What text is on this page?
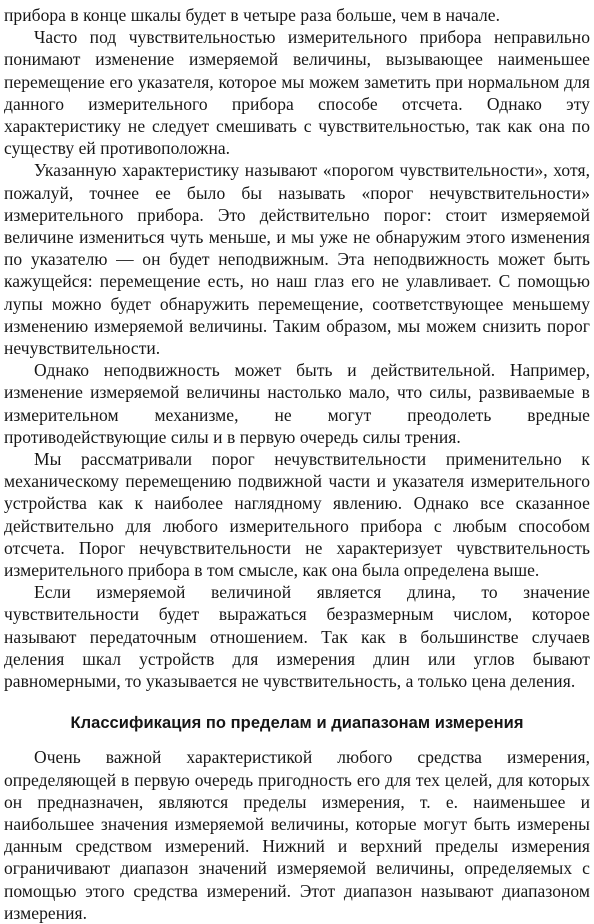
прибора в конце шкалы будет в четыре раза больше, чем в начале.

Часто под чувствительностью измерительного прибора неправильно понимают изменение измеряемой величины, вызывающее наименьшее перемещение его указателя, которое мы можем заметить при нормальном для данного измерительного прибора способе отсчета. Однако эту характеристику не следует смешивать с чувствительностью, так как она по существу ей противоположна.

Указанную характеристику называют «порогом чувствительности», хотя, пожалуй, точнее ее было бы называть «порог нечувствительности» измерительного прибора. Это действительно порог: стоит измеряемой величине измениться чуть меньше, и мы уже не обнаружим этого изменения по указателю — он будет неподвижным. Эта неподвижность может быть кажущейся: перемещение есть, но наш глаз его не улавливает. С помощью лупы можно будет обнаружить перемещение, соответствующее меньшему изменению измеряемой величины. Таким образом, мы можем снизить порог нечувствительности.

Однако неподвижность может быть и действительной. Например, изменение измеряемой величины настолько мало, что силы, развиваемые в измерительном механизме, не могут преодолеть вредные противодействующие силы и в первую очередь силы трения.

Мы рассматривали порог нечувствительности применительно к механическому перемещению подвижной части и указателя измерительного устройства как к наиболее наглядному явлению. Однако все сказанное действительно для любого измерительного прибора с любым способом отсчета. Порог нечувствительности не характеризует чувствительность измерительного прибора в том смысле, как она была определена выше.

Если измеряемой величиной является длина, то значение чувствительности будет выражаться безразмерным числом, которое называют передаточным отношением. Так как в большинстве случаев деления шкал устройств для измерения длин или углов бывают равномерными, то указывается не чувствительность, а только цена деления.

Классификация по пределам и диапазонам измерения

Очень важной характеристикой любого средства измерения, определяющей в первую очередь пригодность его для тех целей, для которых он предназначен, являются пределы измерения, т. е. наименьшее и наибольшее значения измеряемой величины, которые могут быть измерены данным средством измерений. Нижний и верхний пределы измерения ограничивают диапазон значений измеряемой величины, определяемых с помощью этого средства измерений. Этот диапазон называют диапазоном измерения.
